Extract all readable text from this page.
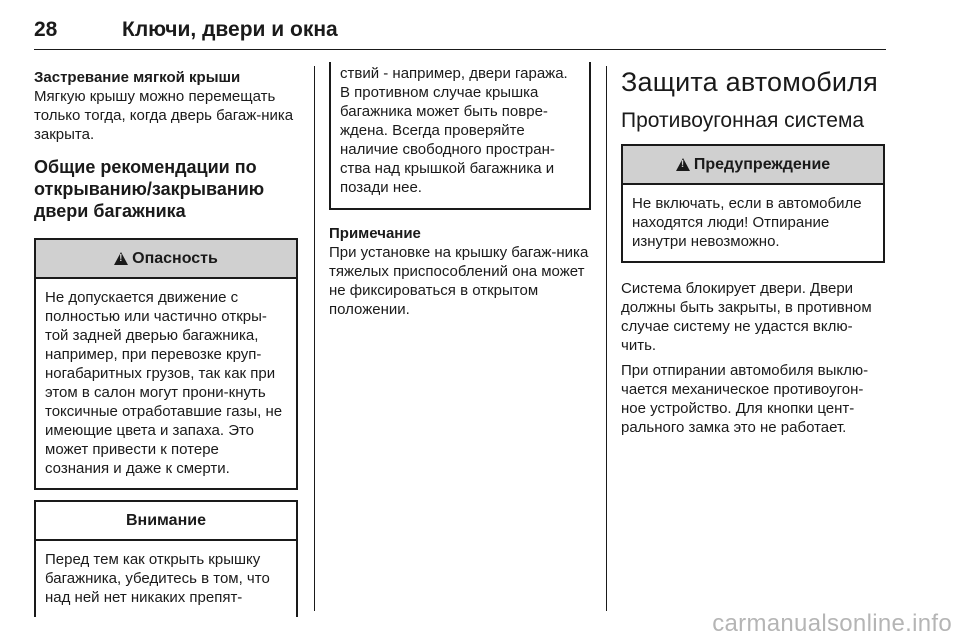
28	Ключи, двери и окна
Застревание мягкой крыши
Мягкую крышу можно перемещать только тогда, когда дверь багаж-ника закрыта.
Общие рекомендации по открыванию/закрыванию двери багажника
!
Опасность
Не допускается движение с полностью или частично откры-той задней дверью багажника, например, при перевозке круп-ногабаритных грузов, так как при этом в салон могут прони-кнуть токсичные отработавшие газы, не имеющие цвета и запаха. Это может привести к потере сознания и даже к смерти.
Внимание
Перед тем как открыть крышку багажника, убедитесь в том, что над ней нет никаких препят-
ствий - например, двери гаража. В противном случае крышка багажника может быть повре-ждена. Всегда проверяйте наличие свободного простран-ства над крышкой багажника и позади нее.
Примечание
При установке на крышку багаж-ника тяжелых приспособлений она может не фиксироваться в открытом положении.
Защита автомобиля
Противоугонная система
!
Предупреждение
Не включать, если в автомобиле находятся люди! Отпирание изнутри невозможно.
Система блокирует двери. Двери должны быть закрыты, в противном случае систему не удастся вклю-чить.
При отпирании автомобиля выклю-чается механическое противоугон-ное устройство. Для кнопки цент-рального замка это не работает.
carmanualsonline.info
